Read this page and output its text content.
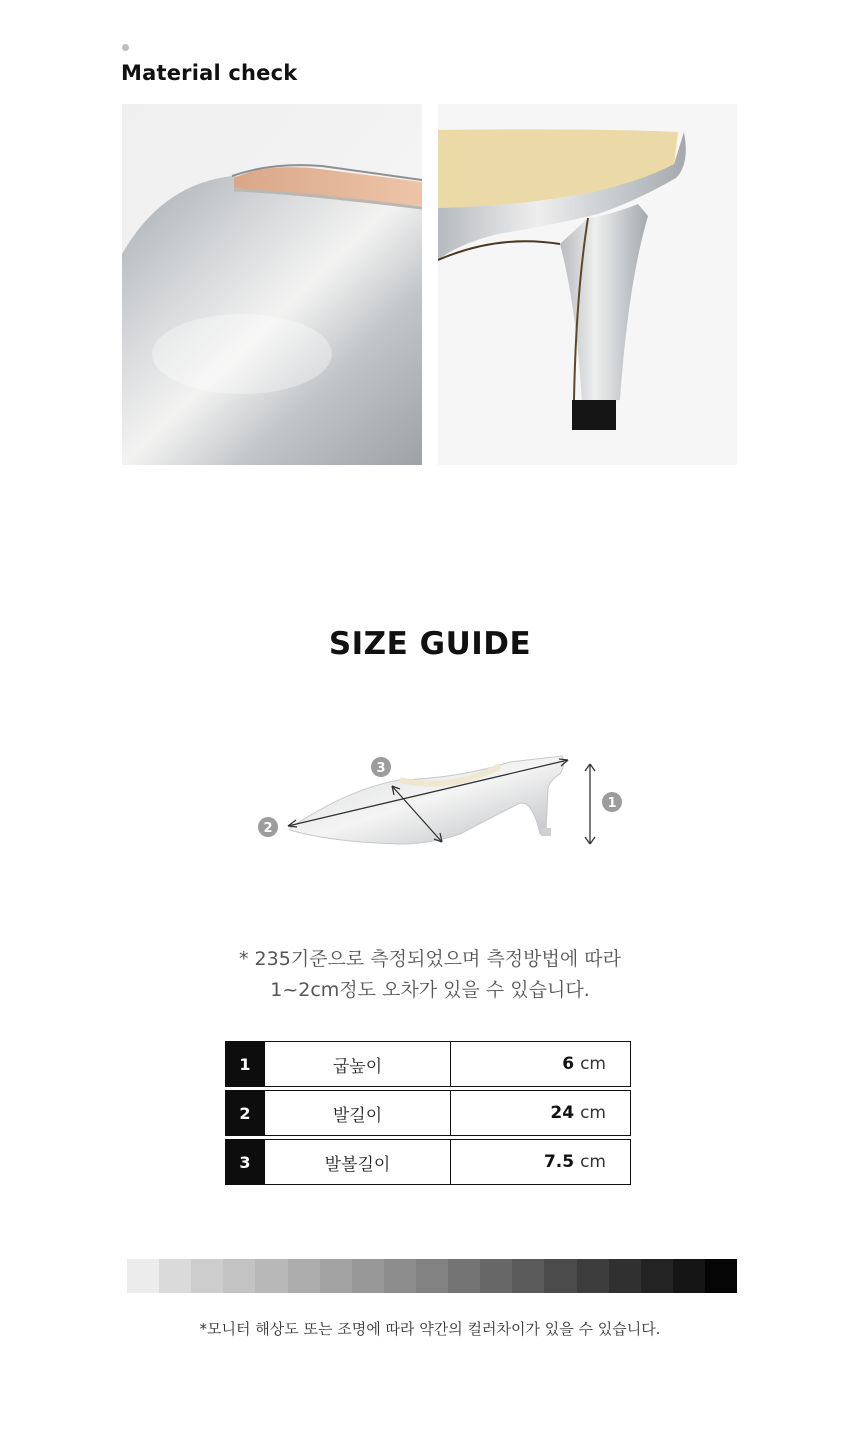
Material check
SIZE GUIDE
1
2
3
* 235기준으로 측정되었으며 측정방법에 따라
1~2cm정도 오차가 있을 수 있습니다.
1	굽높이	6 cm
2	발길이	24 cm
3	발볼길이	7.5 cm
*모니터 해상도 또는 조명에 따라 약간의 컬러차이가 있을 수 있습니다.
